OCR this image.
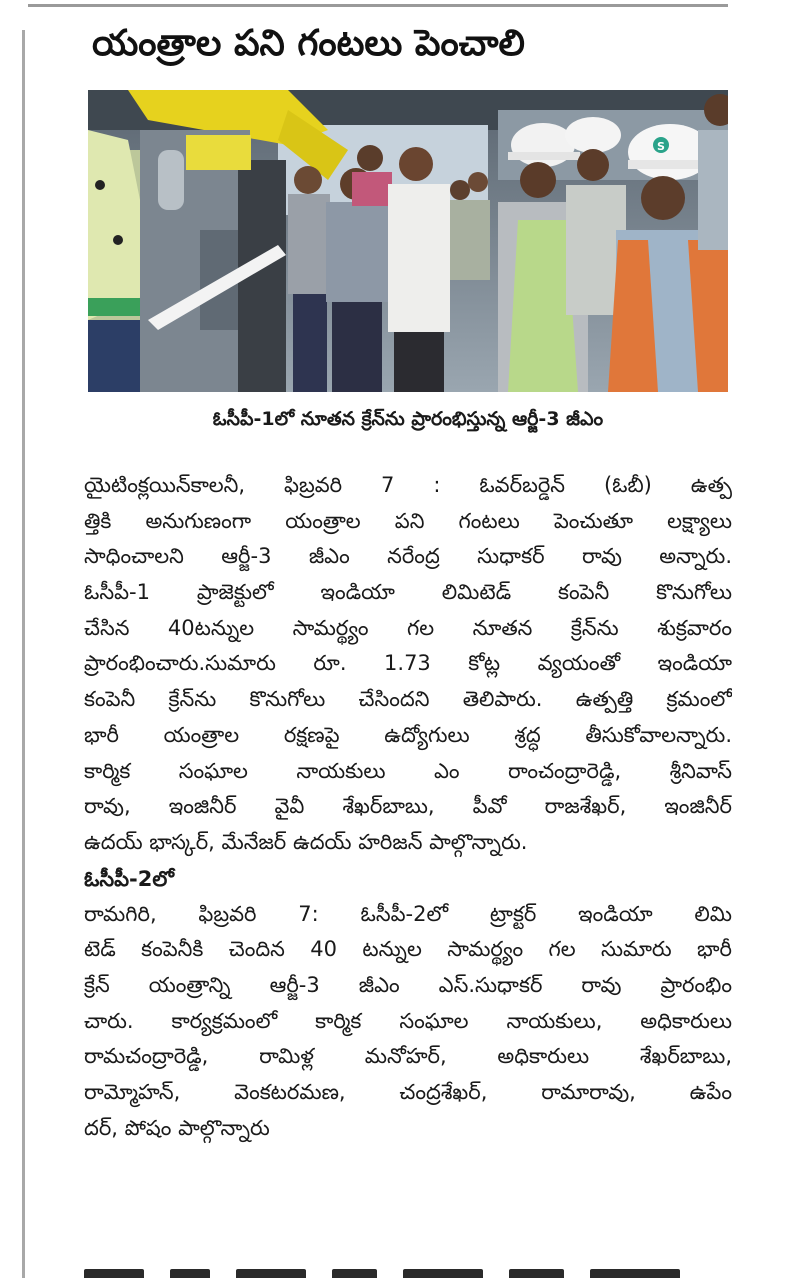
యంత్రాల పని గంటలు పెంచాలి
S
ఓసీపీ-1లో నూతన క్రేన్‌ను ప్రారంభిస్తున్న ఆర్జీ-3 జీఎం
యైటింక్లయిన్‌కాలనీ, ఫిబ్రవరి 7 : ఓవర్‌బర్డెన్ (ఓబీ) ఉత్ప
త్తికి అనుగుణంగా యంత్రాల పని గంటలు పెంచుతూ లక్ష్యాలు
సాధించాలని ఆర్జీ-3 జీఎం నరేంద్ర సుధాకర్ రావు అన్నారు.
ఓసీపీ-1 ప్రాజెక్టులో ఇండియా లిమిటెడ్ కంపెనీ కొనుగోలు
చేసిన 40టన్నుల సామర్థ్యం గల నూతన క్రేన్‌ను శుక్రవారం
ప్రారంభించారు.సుమారు రూ. 1.73 కోట్ల వ్యయంతో ఇండియా
కంపెనీ క్రేన్‌ను కొనుగోలు చేసిందని తెలిపారు. ఉత్పత్తి క్రమంలో
భారీ యంత్రాల రక్షణపై ఉద్యోగులు శ్రద్ధ తీసుకోవాలన్నారు.
కార్మిక సంఘాల నాయకులు ఎం రాంచంద్రారెడ్డి, శ్రీనివాస్
రావు, ఇంజినీర్ వైవీ శేఖర్‌బాబు, పీవో రాజశేఖర్, ఇంజినీర్
ఉదయ్ భాస్కర్, మేనేజర్ ఉదయ్ హరిజన్ పాల్గొన్నారు.
ఓసీపీ-2లో
రామగిరి, ఫిబ్రవరి 7: ఓసీపీ-2లో ట్రాక్టర్ ఇండియా లిమి
టెడ్ కంపెనీకి చెందిన 40 టన్నుల సామర్థ్యం గల సుమారు భారీ
క్రేన్ యంత్రాన్ని ఆర్జీ-3 జీఎం ఎస్.సుధాకర్ రావు ప్రారంభిం
చారు. కార్యక్రమంలో కార్మిక సంఘాల నాయకులు, అధికారులు
రామచంద్రారెడ్డి, రామిళ్ల మనోహర్, అధికారులు శేఖర్‌బాబు,
రామ్మోహన్, వెంకటరమణ, చంద్రశేఖర్, రామారావు, ఉపేం
దర్, పోషం పాల్గొన్నారు
